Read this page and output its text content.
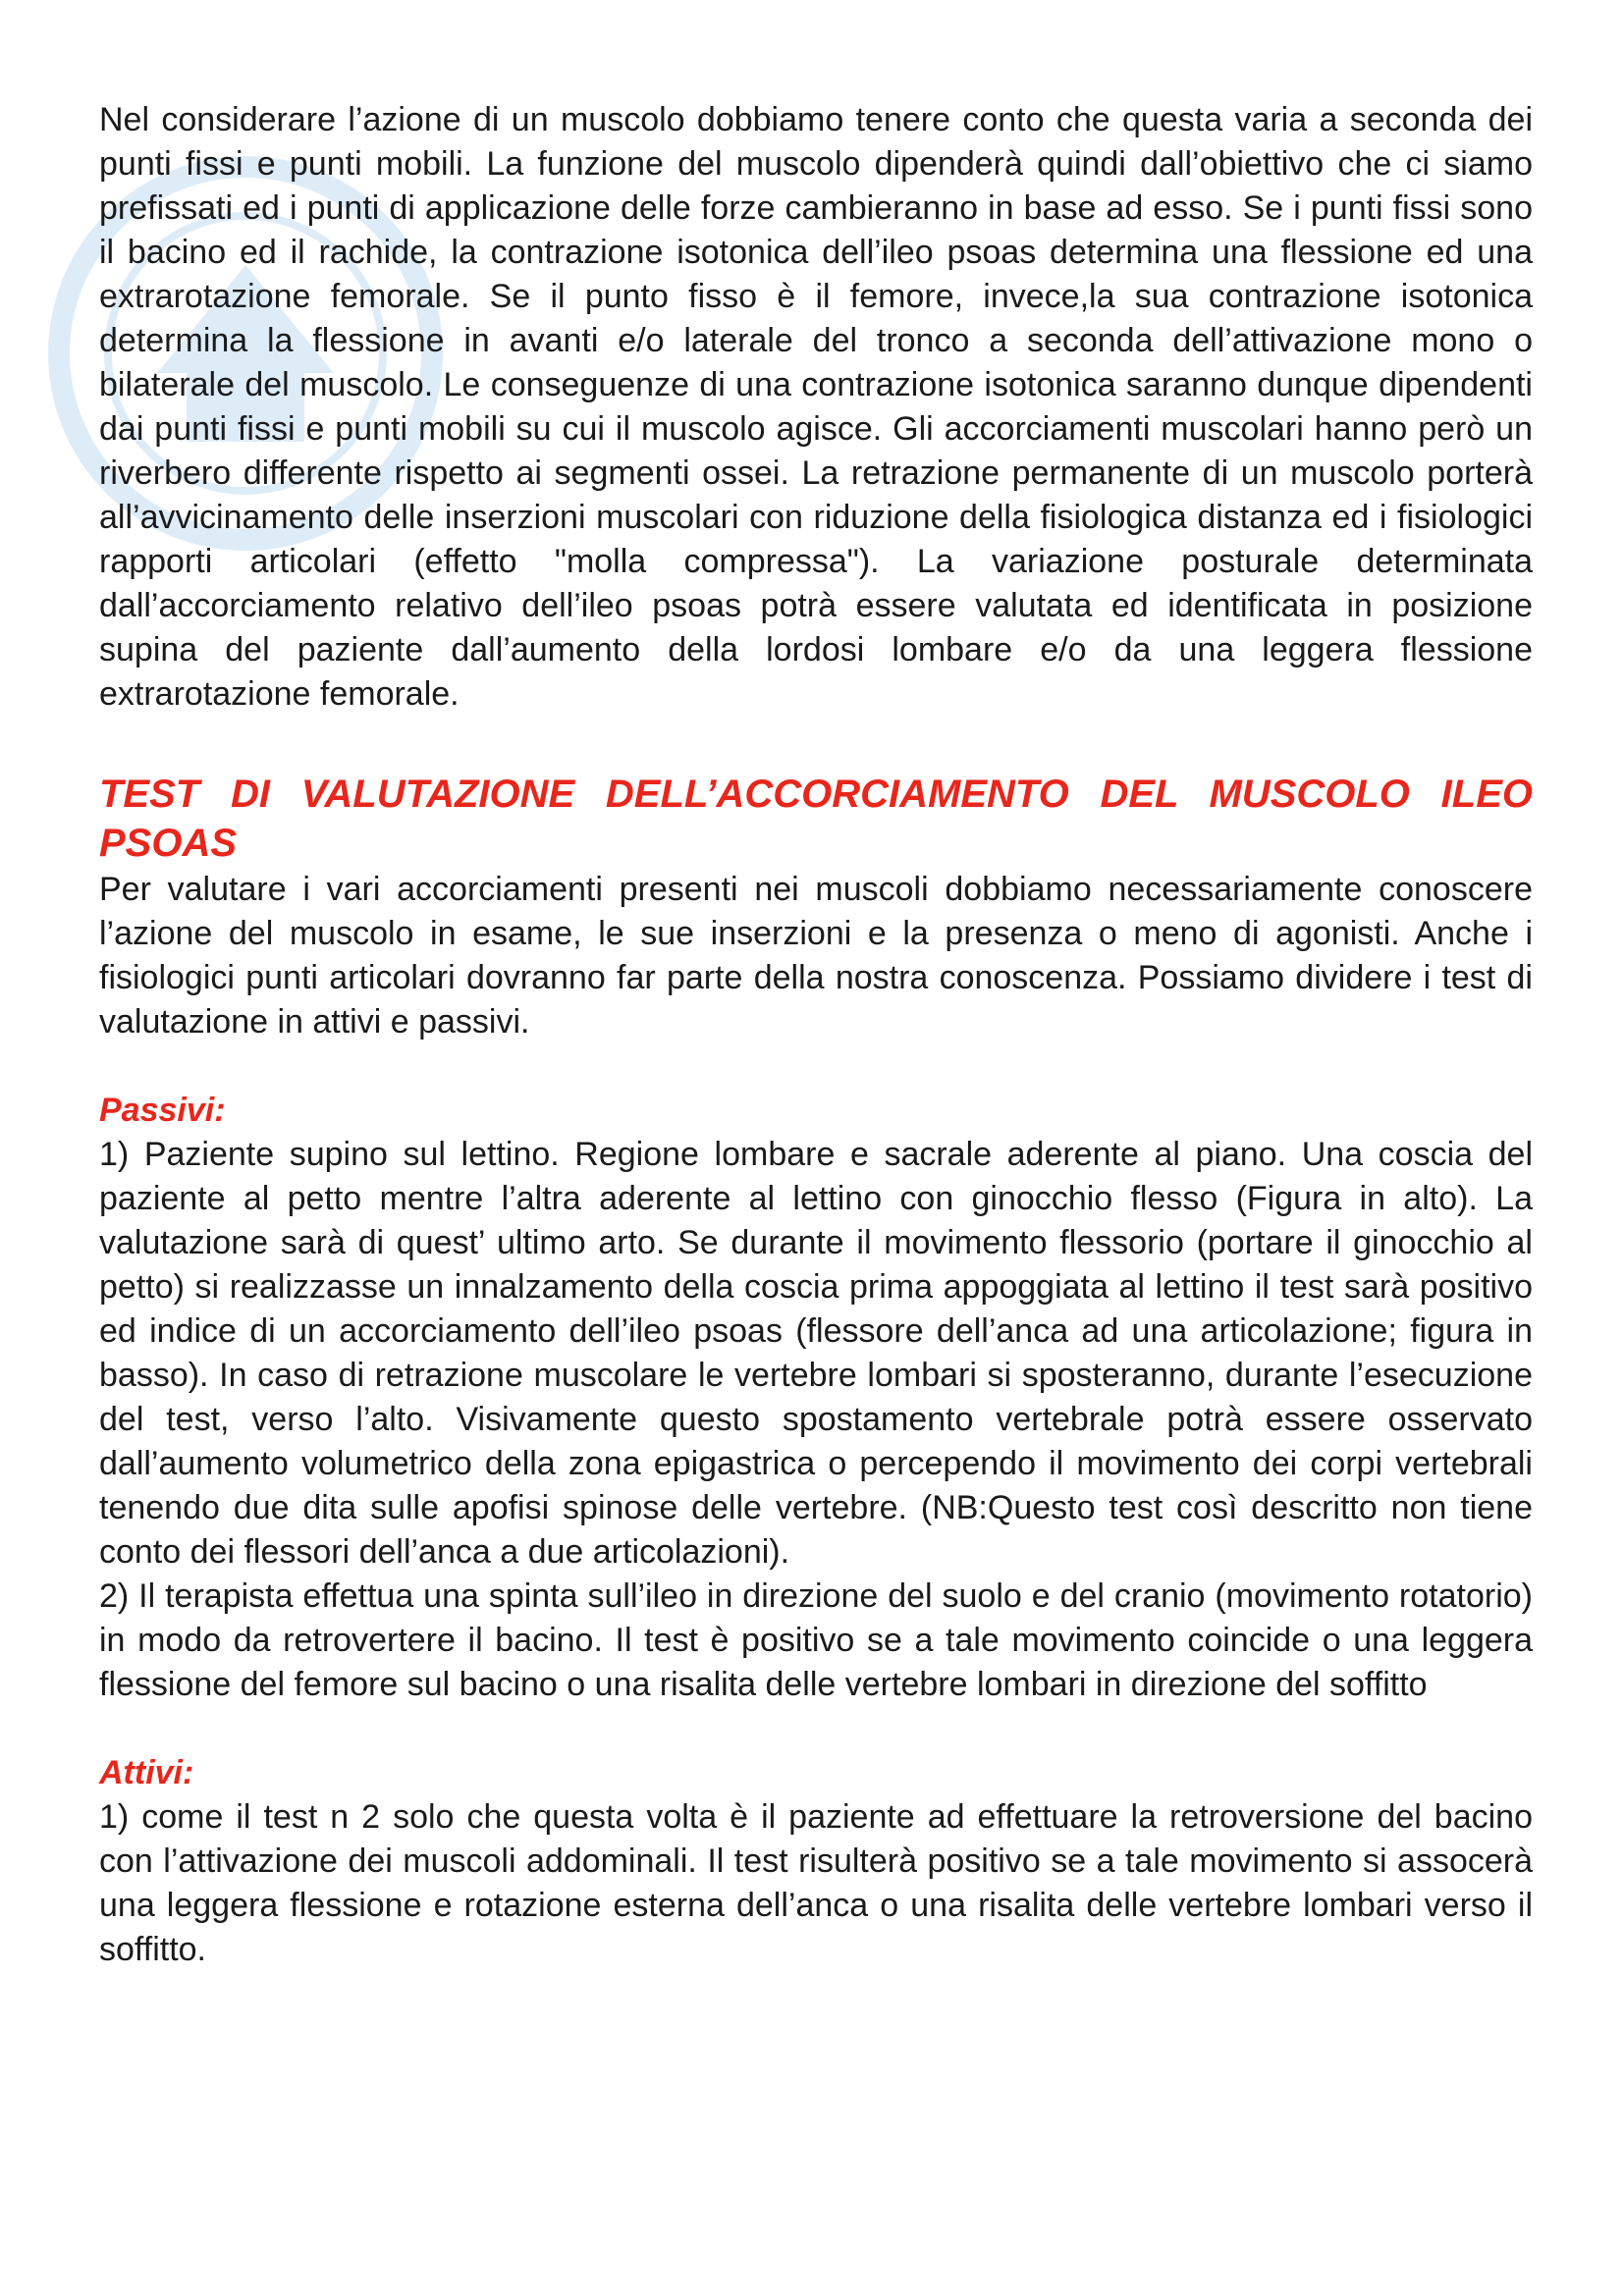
Nel considerare l’azione di un muscolo dobbiamo tenere conto che questa varia a seconda dei punti fissi e punti mobili. La funzione del muscolo dipenderà quindi dall’obiettivo che ci siamo prefissati ed i punti di applicazione delle forze cambieranno in base ad esso. Se i punti fissi sono il bacino ed il rachide, la contrazione isotonica dell’ileo psoas determina una flessione ed una extrarotazione femorale. Se il punto fisso è il femore, invece,la sua contrazione isotonica determina la flessione in avanti e/o laterale del tronco a seconda dell’attivazione mono o bilaterale del muscolo. Le conseguenze di una contrazione isotonica saranno dunque dipendenti dai punti fissi e punti mobili su cui il muscolo agisce. Gli accorciamenti muscolari hanno però un riverbero differente rispetto ai segmenti ossei. La retrazione permanente di un muscolo porterà all’avvicinamento delle inserzioni muscolari con riduzione della fisiologica distanza ed i fisiologici rapporti articolari (effetto "molla compressa"). La variazione posturale determinata dall’accorciamento relativo dell’ileo psoas potrà essere valutata ed identificata in posizione supina del paziente dall’aumento della lordosi lombare e/o da una leggera flessione extrarotazione femorale.

TEST DI VALUTAZIONE DELL’ACCORCIAMENTO DEL MUSCOLO ILEO PSOAS

Per valutare i vari accorciamenti presenti nei muscoli dobbiamo necessariamente conoscere l’azione del muscolo in esame, le sue inserzioni e la presenza o meno di agonisti. Anche i fisiologici punti articolari dovranno far parte della nostra conoscenza. Possiamo dividere i test di valutazione in attivi e passivi.

Passivi:

1) Paziente supino sul lettino. Regione lombare e sacrale aderente al piano. Una coscia del paziente al petto mentre l’altra aderente al lettino con ginocchio flesso (Figura in alto). La valutazione sarà di quest’ ultimo arto. Se durante il movimento flessorio (portare il ginocchio al petto) si realizzasse un innalzamento della coscia prima appoggiata al lettino il test sarà positivo ed indice di un accorciamento dell’ileo psoas (flessore dell’anca ad una articolazione; figura in basso). In caso di retrazione muscolare le vertebre lombari si sposteranno, durante l’esecuzione del test, verso l’alto. Visivamente questo spostamento vertebrale potrà essere osservato dall’aumento volumetrico della zona epigastrica o percependo il movimento dei corpi vertebrali tenendo due dita sulle apofisi spinose delle vertebre. (NB:Questo test così descritto non tiene conto dei flessori dell’anca a due articolazioni).

2) Il terapista effettua una spinta sull’ileo in direzione del suolo e del cranio (movimento rotatorio) in modo da retrovertere il bacino. Il test è positivo se a tale movimento coincide o una leggera flessione del femore sul bacino o una risalita delle vertebre lombari in direzione del soffitto

Attivi:

1) come il test n 2 solo che questa volta è il paziente ad effettuare la retroversione del bacino con l’attivazione dei muscoli addominali. Il test risulterà positivo se a tale movimento si assocerà una leggera flessione e rotazione esterna dell’anca o una risalita delle vertebre lombari verso il soffitto.
